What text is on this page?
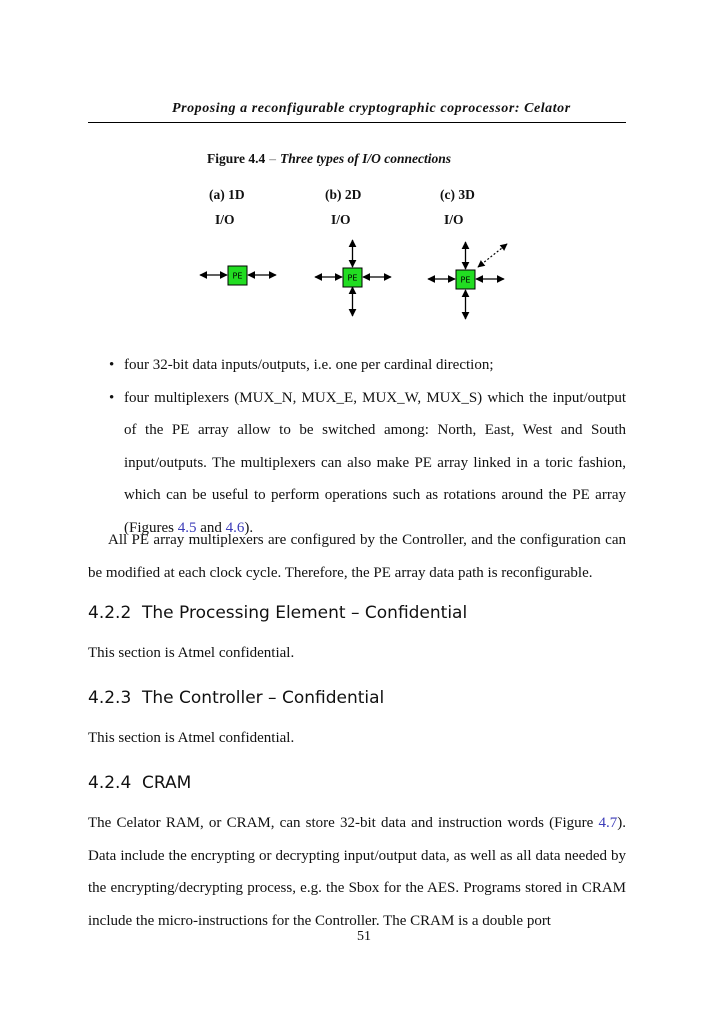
Proposing a reconfigurable cryptographic coprocessor: Celator
Figure 4.4 – Three types of I/O connections
(a) 1D
I/O
(b) 2D
I/O
(c) 3D
I/O
PE	PE	PE
• four 32-bit data inputs/outputs, i.e. one per cardinal direction;
• four multiplexers (MUX_N, MUX_E, MUX_W, MUX_S) which the input/output of the PE array allow to be switched among: North, East, West and South input/outputs. The multiplexers can also make PE array linked in a toric fashion, which can be useful to perform operations such as rotations around the PE array (Figures 4.5 and 4.6).
All PE array multiplexers are configured by the Controller, and the configuration can be modified at each clock cycle. Therefore, the PE array data path is reconfigurable.
4.2.2 The Processing Element – Confidential
This section is Atmel confidential.
4.2.3 The Controller – Confidential
This section is Atmel confidential.
4.2.4 CRAM
The Celator RAM, or CRAM, can store 32-bit data and instruction words (Figure 4.7). Data include the encrypting or decrypting input/output data, as well as all data needed by the encrypting/decrypting process, e.g. the Sbox for the AES. Programs stored in CRAM include the micro-instructions for the Controller. The CRAM is a double port
51
